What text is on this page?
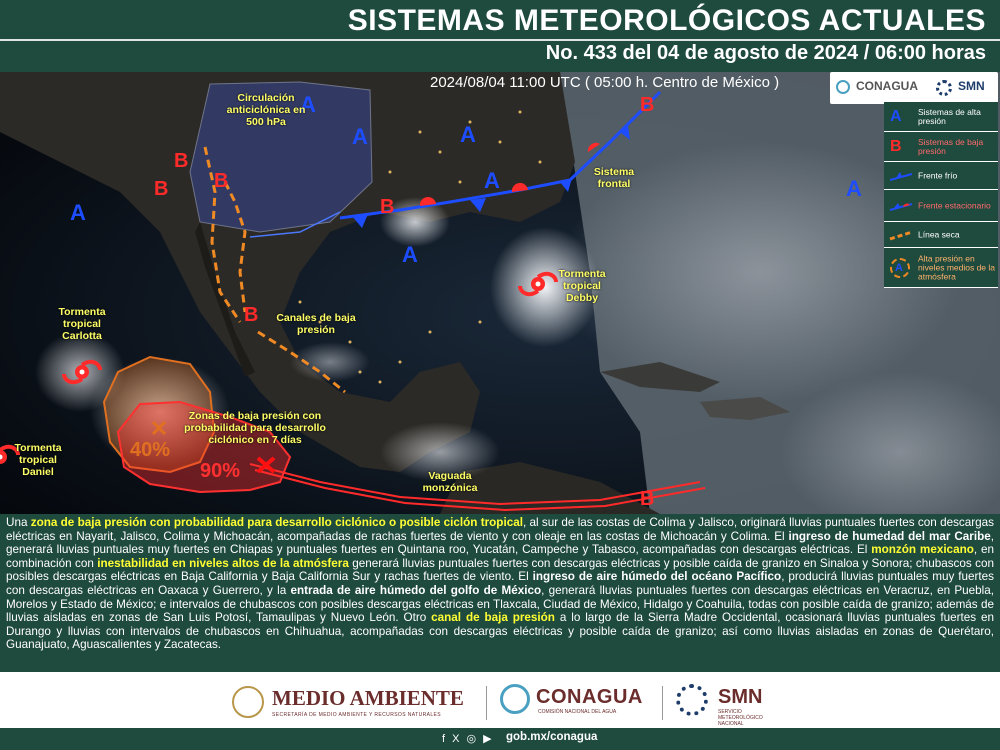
SISTEMAS METEOROLÓGICOS ACTUALES
No. 433 del 04 de agosto de 2024 / 06:00 horas
2024/08/04 11:00 UTC ( 05:00 h. Centro de México )	CONAGUA	SMN
A Sistemas de alta presión
B Sistemas de baja presión
Frente frío
Frente estacionario
Línea seca
A
Alta presión en niveles medios de la atmósfera
A
A
A
A
A
A
A
B
B B
B
B
B
B
Circulación anticiclónica en 500 hPa
Sistema frontal
Tormenta tropical Debby
Tormenta tropical Carlotta
Canales de baja presión
Zonas de baja presión con probabilidad para desarrollo ciclónico en 7 días
Tormenta tropical Daniel	Vaguada monzónica
40%
90%
Una zona de baja presión con probabilidad para desarrollo ciclónico o posible ciclón tropical, al sur de las costas de Colima y Jalisco, originará lluvias puntuales fuertes con descargas eléctricas en Nayarit, Jalisco, Colima y Michoacán, acompañadas de rachas fuertes de viento y con oleaje en las costas de Michoacán y Colima. El ingreso de humedad del mar Caribe, generará lluvias puntuales muy fuertes en Chiapas y puntuales fuertes en Quintana roo, Yucatán, Campeche y Tabasco, acompañadas con descargas eléctricas. El monzón mexicano, en combinación con inestabilidad en niveles altos de la atmósfera generará lluvias puntuales fuertes con descargas eléctricas y posible caída de granizo en Sinaloa y Sonora; chubascos con posibles descargas eléctricas en Baja California y Baja California Sur y rachas fuertes de viento. El ingreso de aire húmedo del océano Pacífico, producirá lluvias puntuales muy fuertes con descargas eléctricas en Oaxaca y Guerrero, y la entrada de aire húmedo del golfo de México, generará lluvias puntuales fuertes con descargas eléctricas en Veracruz, en Puebla, Morelos y Estado de México; e intervalos de chubascos con posibles descargas eléctricas en Tlaxcala, Ciudad de México, Hidalgo y Coahuila, todas con posible caída de granizo; además de lluvias aisladas en zonas de San Luis Potosí, Tamaulipas y Nuevo León. Otro canal de baja presión a lo largo de la Sierra Madre Occidental, ocasionará lluvias puntuales fuertes en Durango y lluvias con intervalos de chubascos en Chihuahua, acompañadas con descargas eléctricas y posible caída de granizo; así como lluvias aisladas en zonas de Querétaro, Guanajuato, Aguascalientes y Zacatecas.
MEDIO AMBIENTE
SECRETARÍA DE MEDIO AMBIENTE Y RECURSOS NATURALES
CONAGUA
COMISIÓN NACIONAL DEL AGUA
SMN
SERVICIO
METEOROLÓGICO
NACIONAL
f X ◎ ▶ gob.mx/conagua
